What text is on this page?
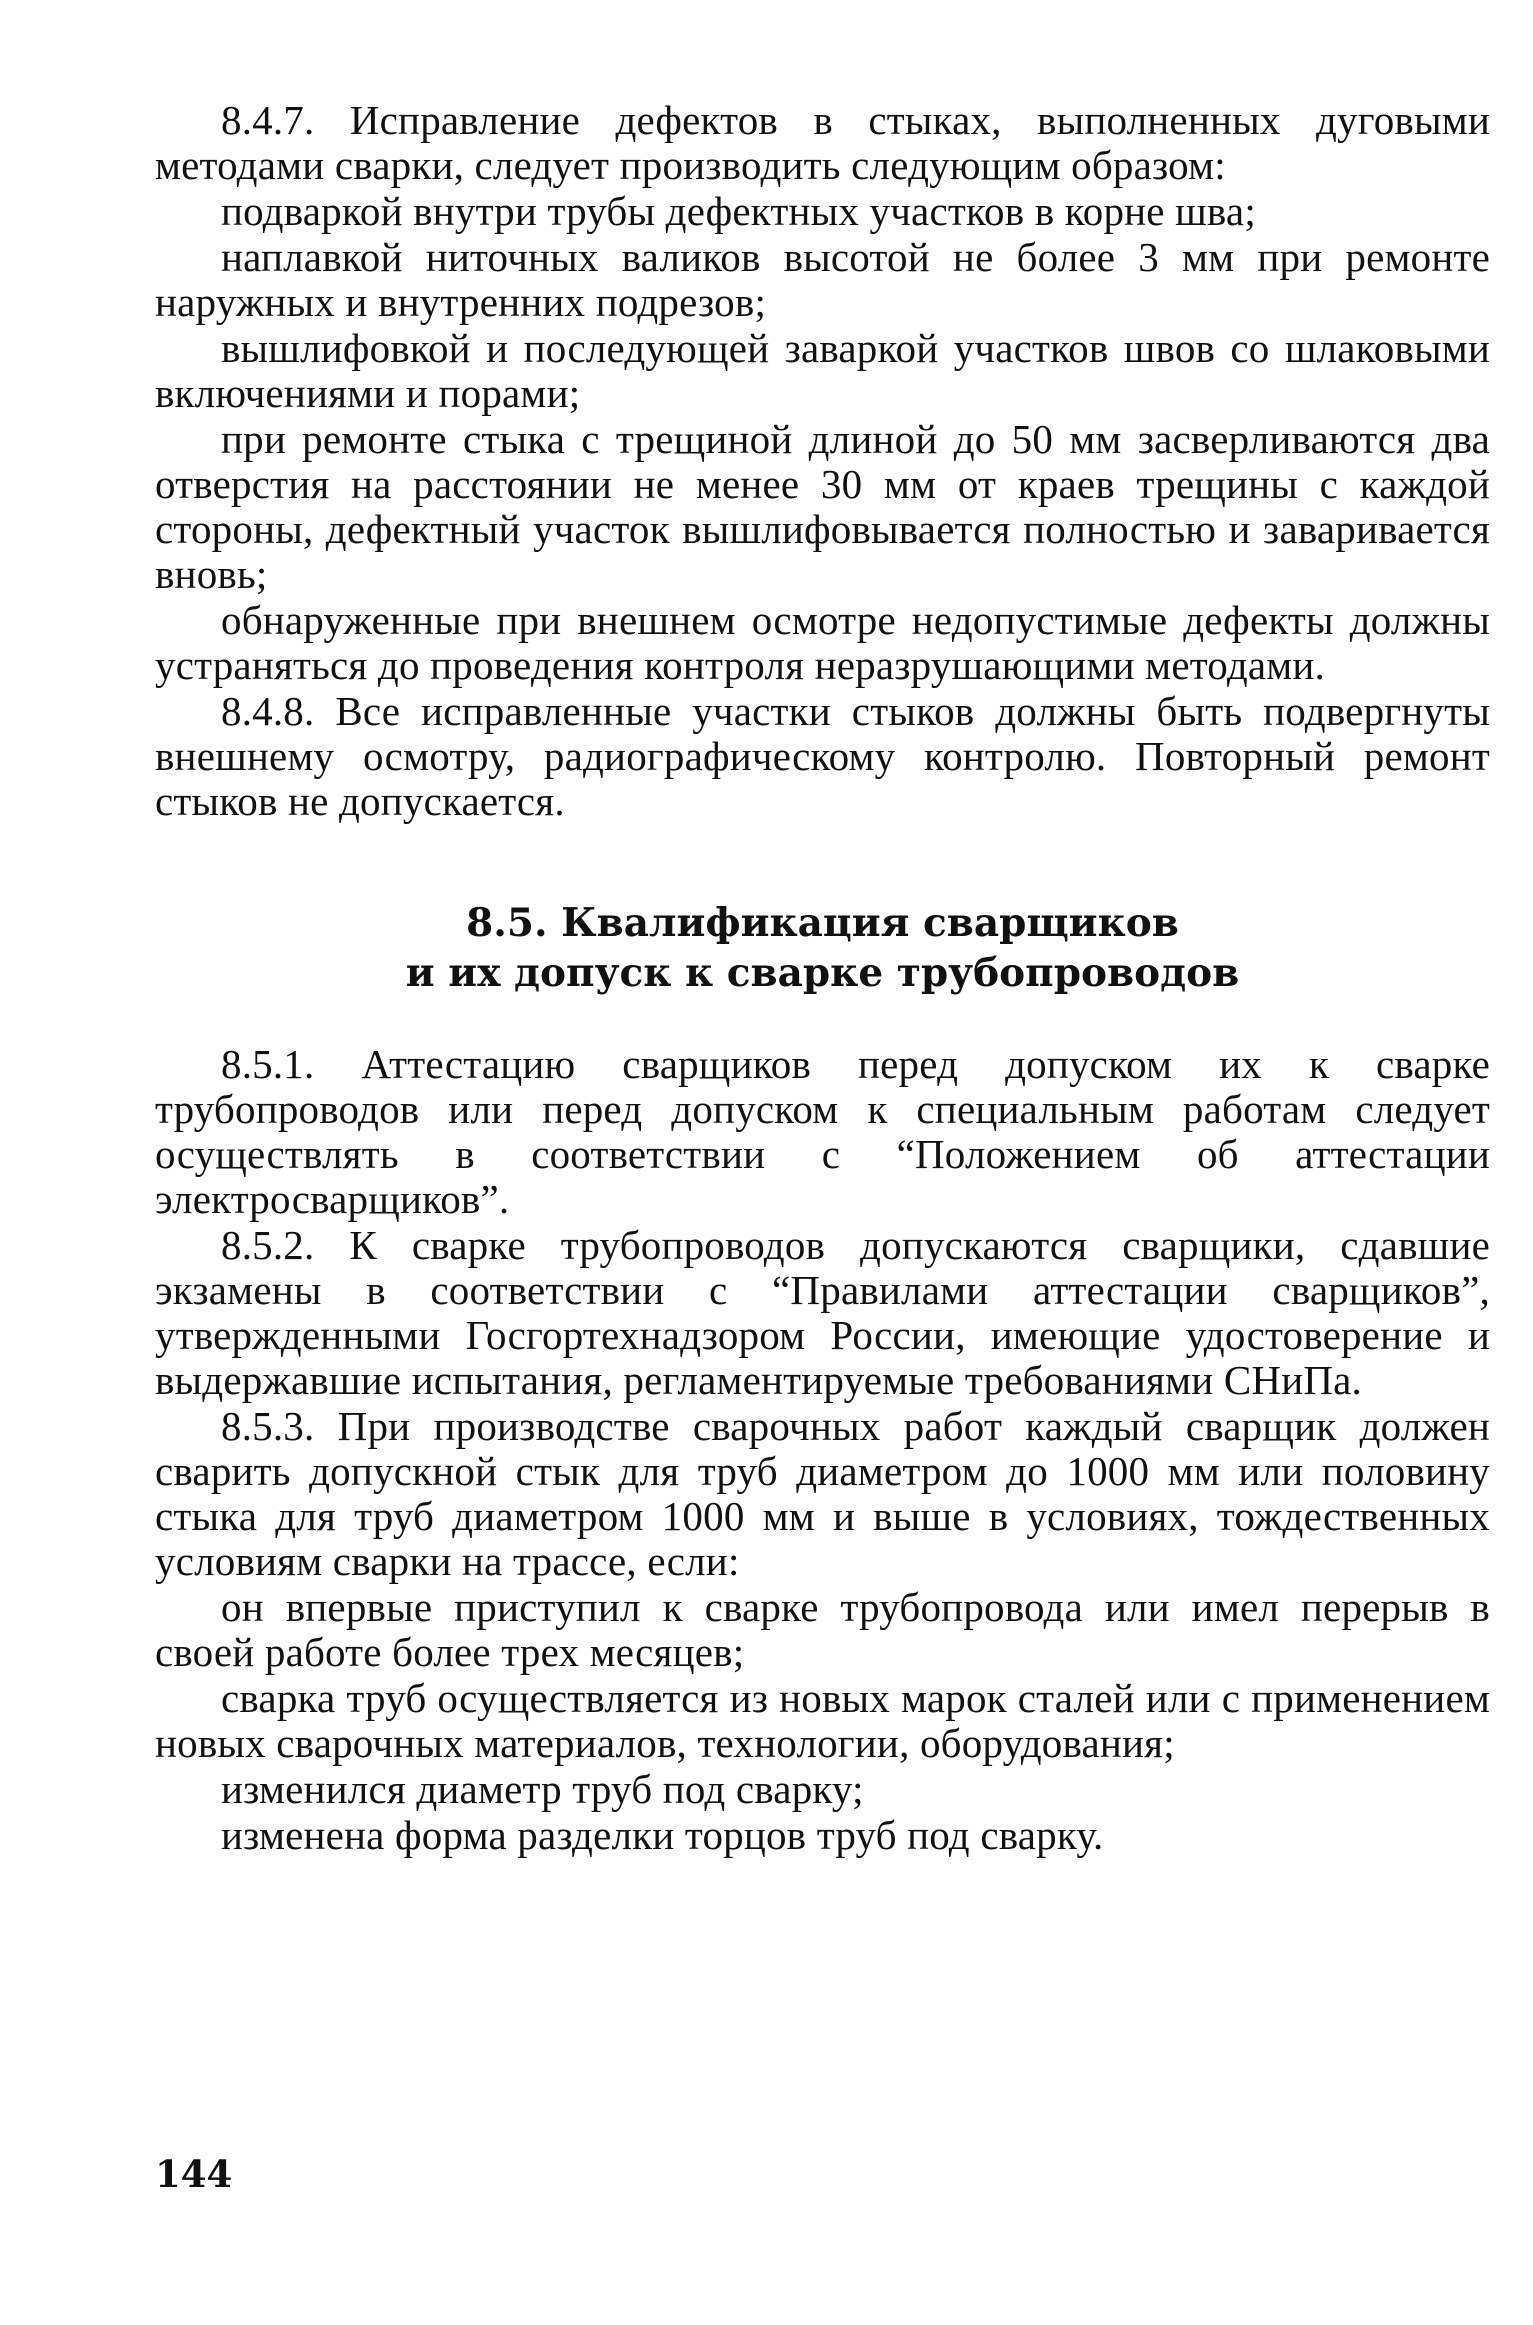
8.4.7. Исправление дефектов в стыках, выполненных дуговыми методами сварки, следует производить следующим образом:

подваркой внутри трубы дефектных участков в корне шва;

наплавкой ниточных валиков высотой не более 3 мм при ремонте наружных и внутренних подрезов;

вышлифовкой и последующей заваркой участков швов со шлаковыми включениями и порами;

при ремонте стыка с трещиной длиной до 50 мм засверливаются два отверстия на расстоянии не менее 30 мм от краев трещины с каждой стороны, дефектный участок вышлифовывается полностью и заваривается вновь;

обнаруженные при внешнем осмотре недопустимые дефекты должны устраняться до проведения контроля неразрушающими методами.

8.4.8. Все исправленные участки стыков должны быть подвергнуты внешнему осмотру, радиографическому контролю. Повторный ремонт стыков не допускается.

8.5. Квалификация сварщиков
и их допуск к сварке трубопроводов

8.5.1. Аттестацию сварщиков перед допуском их к сварке трубопроводов или перед допуском к специальным работам следует осуществлять в соответствии с “Положением об аттестации электросварщиков”.

8.5.2. К сварке трубопроводов допускаются сварщики, сдавшие экзамены в соответствии с “Правилами аттестации сварщиков”, утвержденными Госгортехнадзором России, имеющие удостоверение и выдержавшие испытания, регламентируемые требованиями СНиПа.

8.5.3. При производстве сварочных работ каждый сварщик должен сварить допускной стык для труб диаметром до 1000 мм или половину стыка для труб диаметром 1000 мм и выше в условиях, тождественных условиям сварки на трассе, если:

он впервые приступил к сварке трубопровода или имел перерыв в своей работе более трех месяцев;

сварка труб осуществляется из новых марок сталей или с применением новых сварочных материалов, технологии, оборудования;

изменился диаметр труб под сварку;

изменена форма разделки торцов труб под сварку.

144
